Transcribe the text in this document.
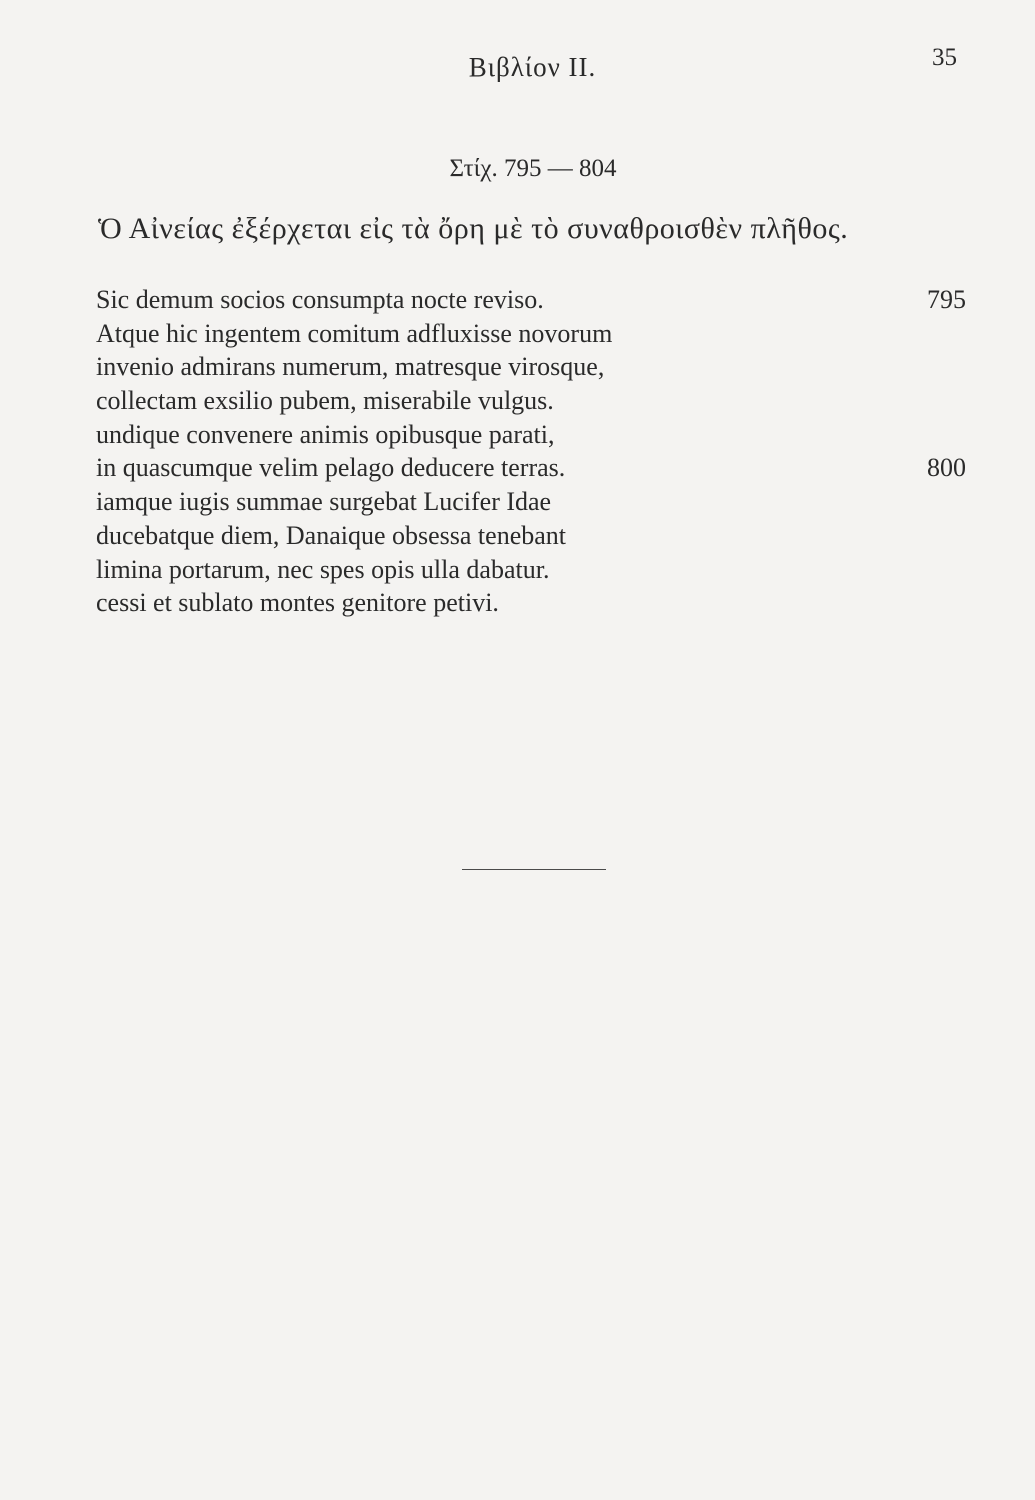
Βιβλίον II.	35
Στίχ. 795 — 804
Ὁ Αἰνείας ἐξέρχεται εἰς τὰ ὄρη μὲ τὸ συναθροισθὲν πλῆθος.
Sic demum socios consumpta nocte reviso.	795
Atque hic ingentem comitum adfluxisse novorum
invenio admirans numerum, matresque virosque,
collectam exsilio pubem, miserabile vulgus.
undique convenere animis opibusque parati,
in quascumque velim pelago deducere terras.	800
iamque iugis summae surgebat Lucifer Idae
ducebatque diem, Danaique obsessa tenebant
limina portarum, nec spes opis ulla dabatur.
cessi et sublato montes genitore petivi.
